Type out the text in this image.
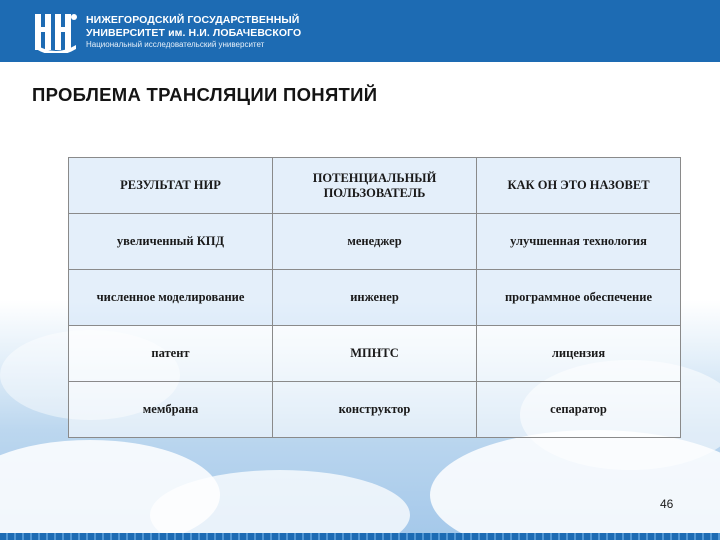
НИЖЕГОРОДСКИЙ ГОСУДАРСТВЕННЫЙ
УНИВЕРСИТЕТ им. Н.И. ЛОБАЧЕВСКОГО
Национальный исследовательский университет
ПРОБЛЕМА ТРАНСЛЯЦИИ ПОНЯТИЙ
РЕЗУЛЬТАТ НИР	ПОТЕНЦИАЛЬНЫЙ ПОЛЬЗОВАТЕЛЬ	КАК ОН ЭТО НАЗОВЕТ
увеличенный КПД	менеджер	улучшенная технология
численное моделирование	инженер	программное обеспечение
патент	МПНТС	лицензия
мембрана	конструктор	сепаратор
46
